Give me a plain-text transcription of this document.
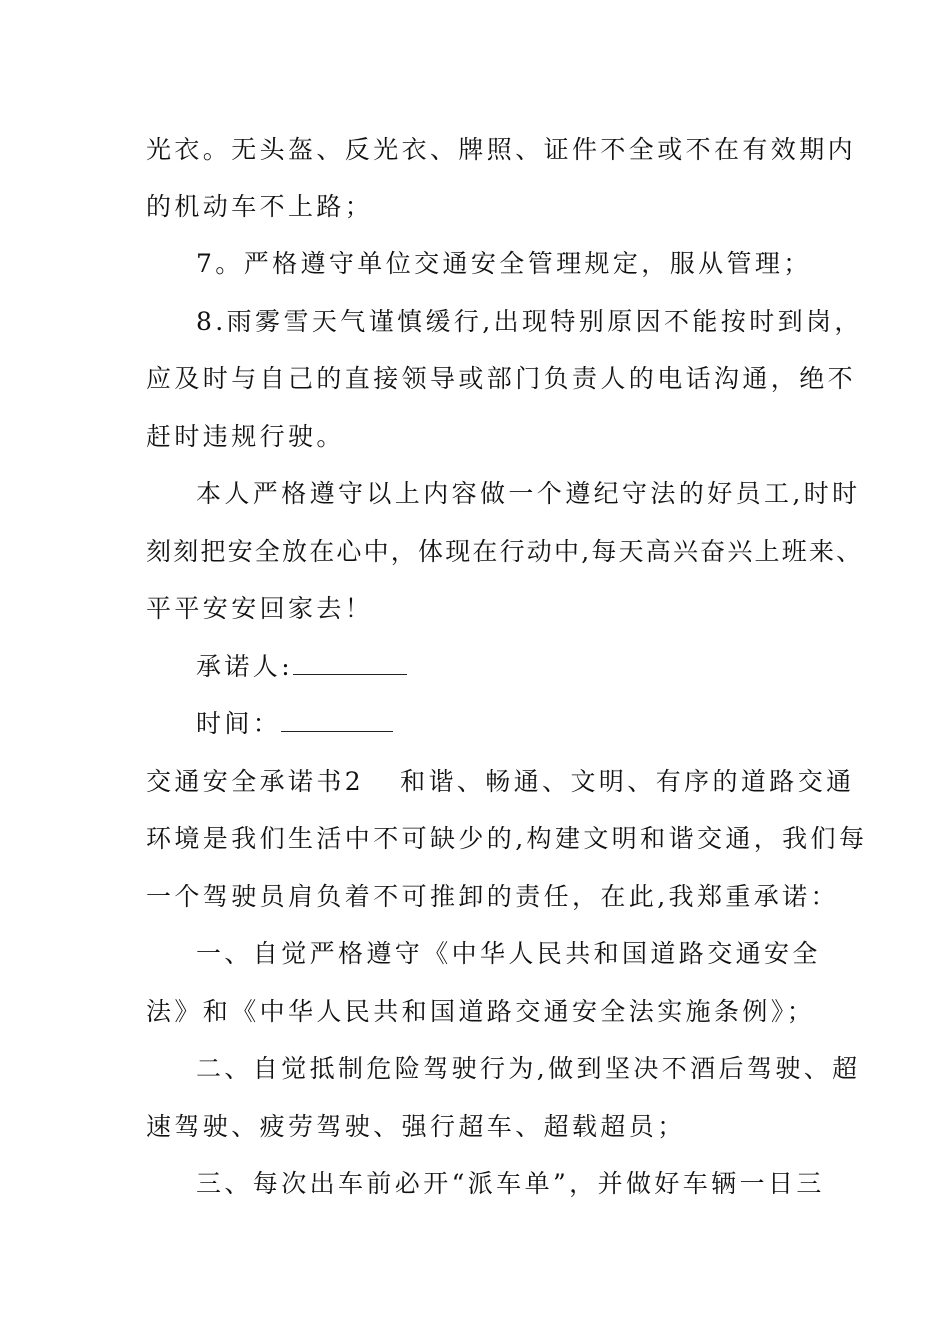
光衣。无头盔、反光衣、牌照、证件不全或不在有效期内
的机动车不上路；
7。严格遵守单位交通安全管理规定，服从管理；
8.雨雾雪天气谨慎缓行,出现特别原因不能按时到岗，
应及时与自己的直接领导或部门负责人的电话沟通，绝不
赶时违规行驶。
本人严格遵守以上内容做一个遵纪守法的好员工,时时
刻刻把安全放在心中，体现在行动中,每天高兴奋兴上班来、
平平安安回家去！
承诺人:
时间：
交通安全承诺书2 和谐、畅通、文明、有序的道路交通
环境是我们生活中不可缺少的,构建文明和谐交通，我们每
一个驾驶员肩负着不可推卸的责任，在此,我郑重承诺：
一、自觉严格遵守《中华人民共和国道路交通安全
法》和《中华人民共和国道路交通安全法实施条例》；
二、自觉抵制危险驾驶行为,做到坚决不酒后驾驶、超
速驾驶、疲劳驾驶、强行超车、超载超员；
三、每次出车前必开“派车单”，并做好车辆一日三
